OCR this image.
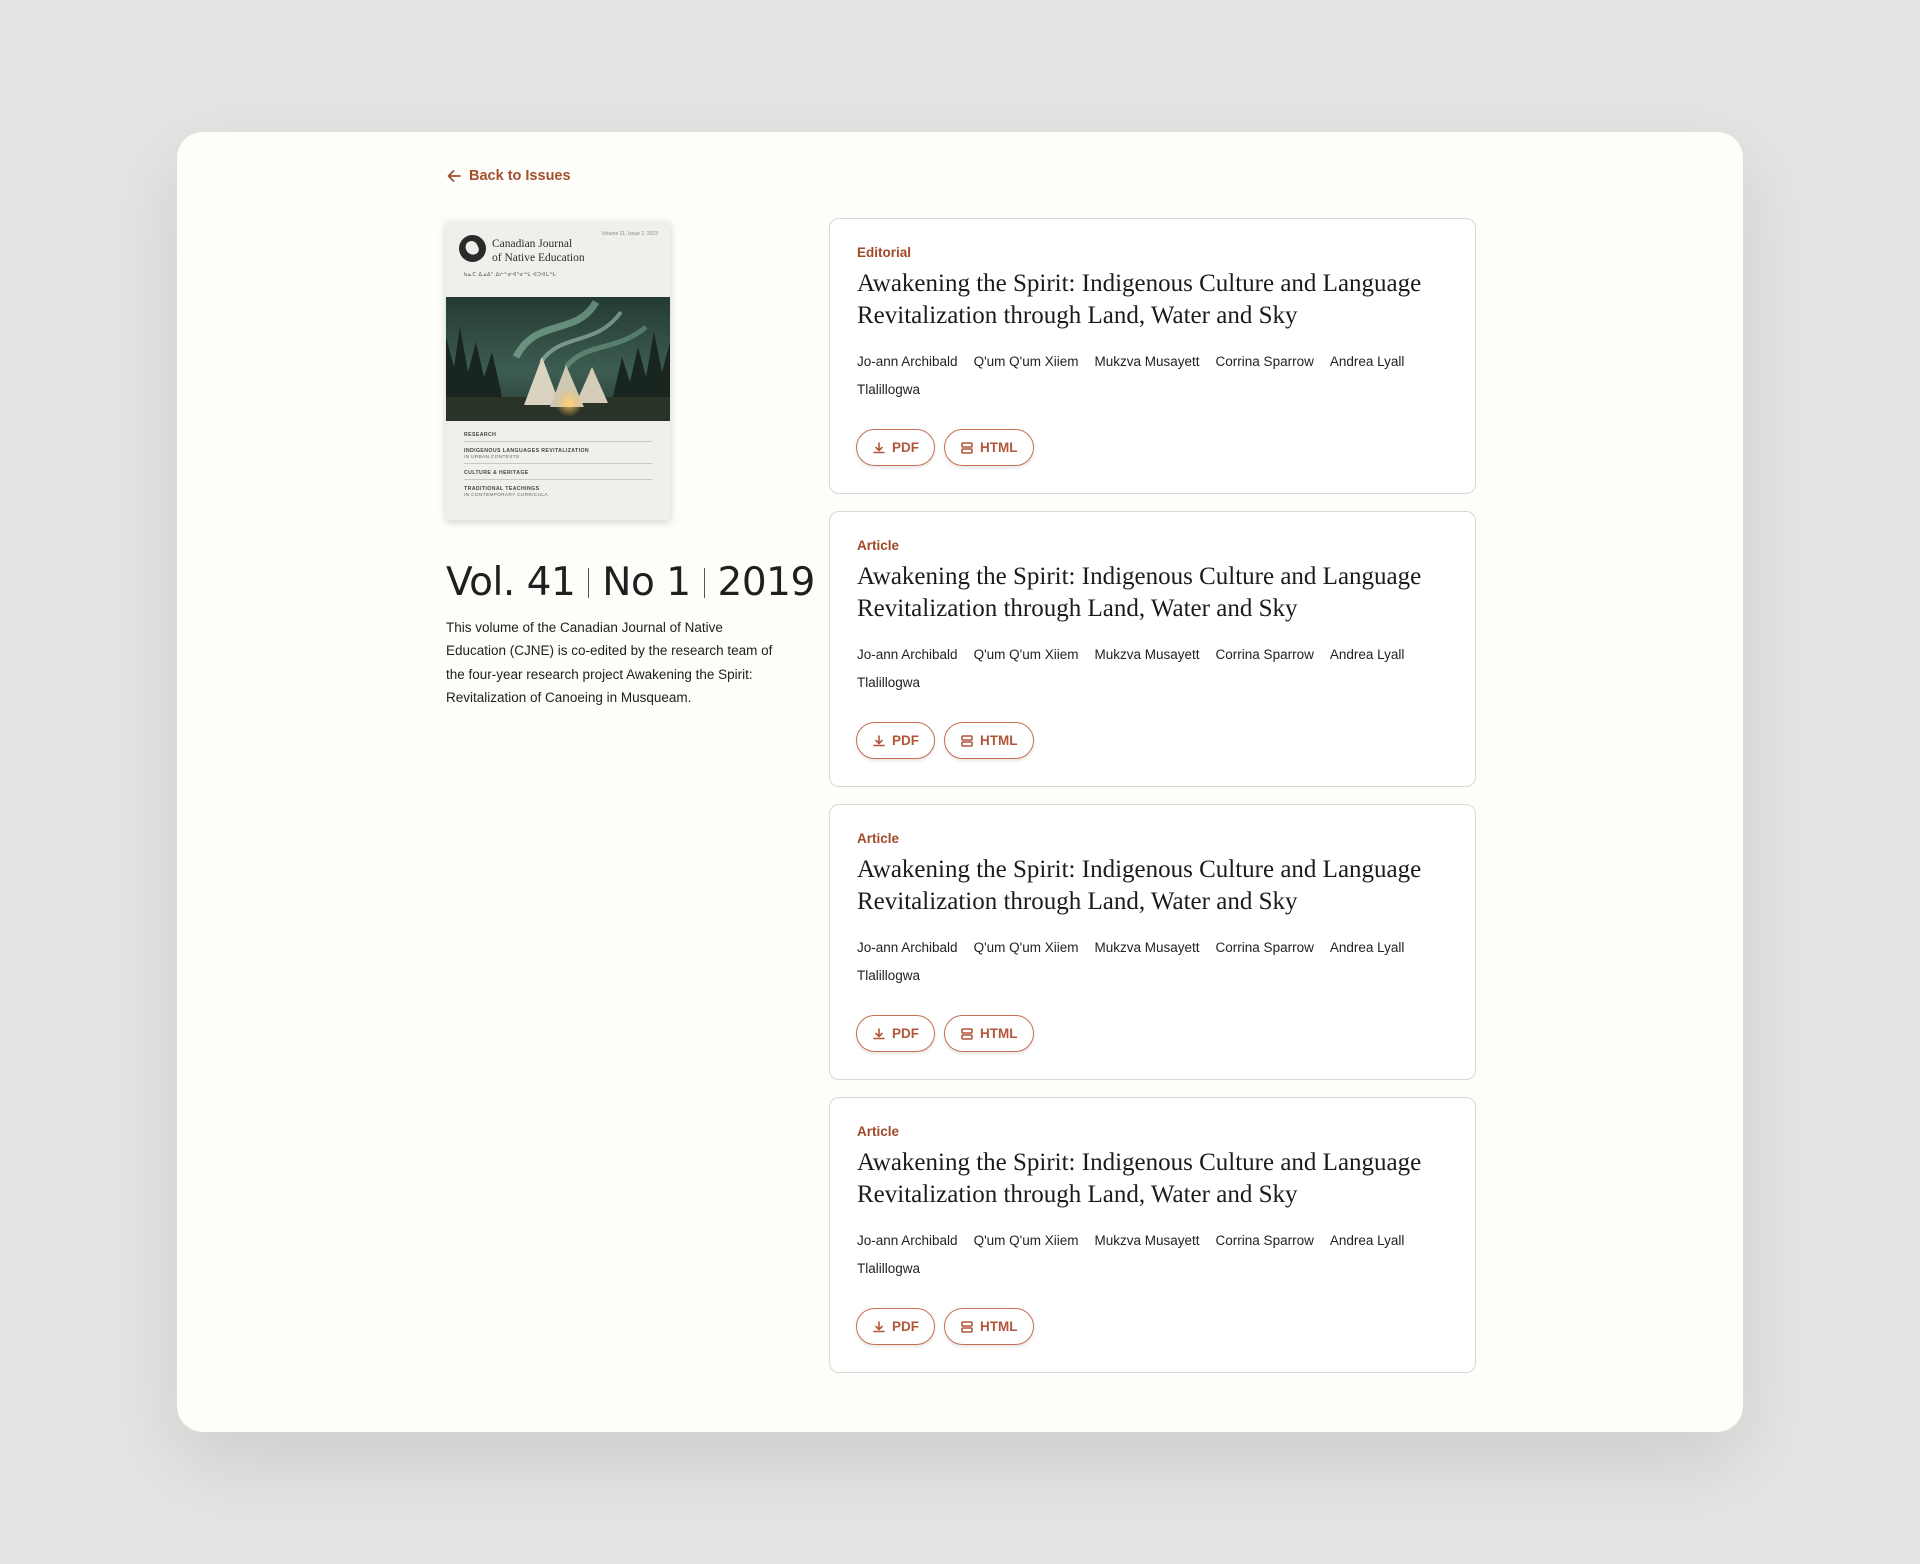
Back to Issues
Volume 21, Issue 2, 2023
Canadian Journal
of Native Education
ᑲᓇᑕ ᐃᓄᐃᑦ ᐃᓕᓐᓂᐊᕐᓂᖓ ᐊᑐᐊᒐᖓ
RESEARCH
INDIGENOUS LANGUAGES REVITALIZATION
IN URBAN CONTEXTS
CULTURE & HERITAGE
TRADITIONAL TEACHINGS
IN CONTEMPORARY CURRICULA
Vol. 41 No 1 2019

This volume of the Canadian Journal of Native Education (CJNE) is co-edited by the research team of the four-year research project Awakening the Spirit: Revitalization of Canoeing in Musqueam.

Editorial
Awakening the Spirit: Indigenous Culture and Language Revitalization through Land, Water and Sky
Jo-ann Archibald Q'um Q'um Xiiem Mukzva Musayett Corrina Sparrow Andrea Lyall
Tlalillogwa
PDF	HTML
Article
Awakening the Spirit: Indigenous Culture and Language Revitalization through Land, Water and Sky
Jo-ann Archibald Q'um Q'um Xiiem Mukzva Musayett Corrina Sparrow Andrea Lyall
Tlalillogwa
PDF	HTML
Article
Awakening the Spirit: Indigenous Culture and Language Revitalization through Land, Water and Sky
Jo-ann Archibald Q'um Q'um Xiiem Mukzva Musayett Corrina Sparrow Andrea Lyall
Tlalillogwa
PDF	HTML
Article
Awakening the Spirit: Indigenous Culture and Language Revitalization through Land, Water and Sky
Jo-ann Archibald Q'um Q'um Xiiem Mukzva Musayett Corrina Sparrow Andrea Lyall
Tlalillogwa
PDF	HTML
